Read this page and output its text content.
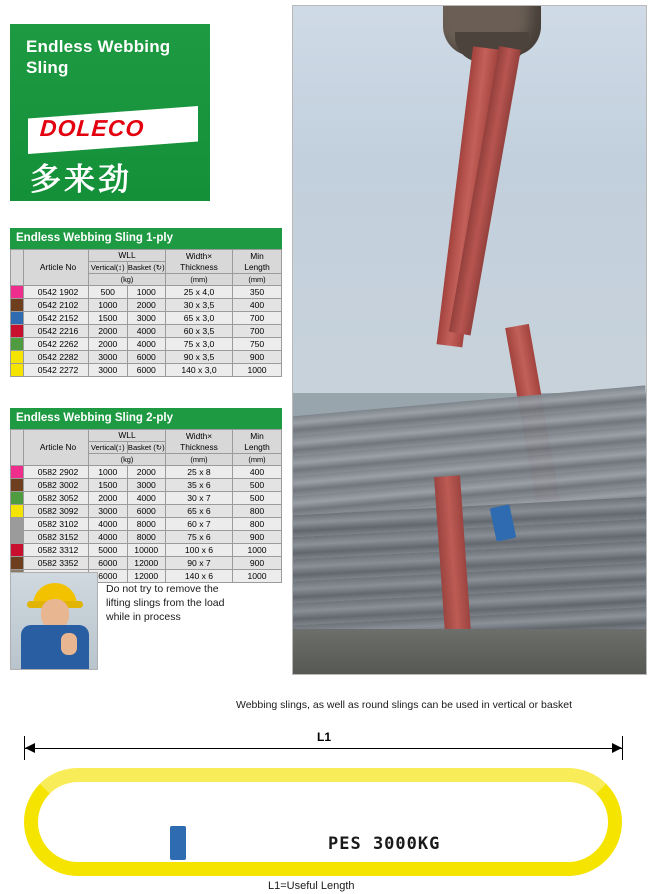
Endless Webbing Sling
DOLECO
多来劲
Endless Webbing Sling 1-ply
	Article No	WLL		Width×
Thickness	Min
Length
		Vertical(↕)	Basket (↻)		
		(kg)		(mm)	(mm)
	0542 1902	500	1000	25 x 4,0	350
	0542 2102	1000	2000	30 x 3,5	400
	0542 2152	1500	3000	65 x 3,0	700
	0542 2216	2000	4000	60 x 3,5	700
	0542 2262	2000	4000	75 x 3,0	750
	0542 2282	3000	6000	90 x 3,5	900
	0542 2272	3000	6000	140 x 3,0	1000
Endless Webbing Sling 2-ply
	Article No	WLL		Width×
Thickness	Min
Length
		Vertical(↕)	Basket (↻)		
		(kg)		(mm)	(mm)
	0582 2902	1000	2000	25 x 8	400
	0582 3002	1500	3000	35 x 6	500
	0582 3052	2000	4000	30 x 7	500
	0582 3092	3000	6000	65 x 6	800
	0582 3102	4000	8000	60 x 7	800
	0582 3152	4000	8000	75 x 6	900
	0582 3312	5000	10000	100 x 6	1000
	0582 3352	6000	12000	90 x 7	900
		6000	12000	140 x 6	1000
Do not try to remove the lifting slings from the load while in process
Webbing slings, as well as round slings can be used in vertical or basket
L1
PES 3000KG
L1=Useful Length
